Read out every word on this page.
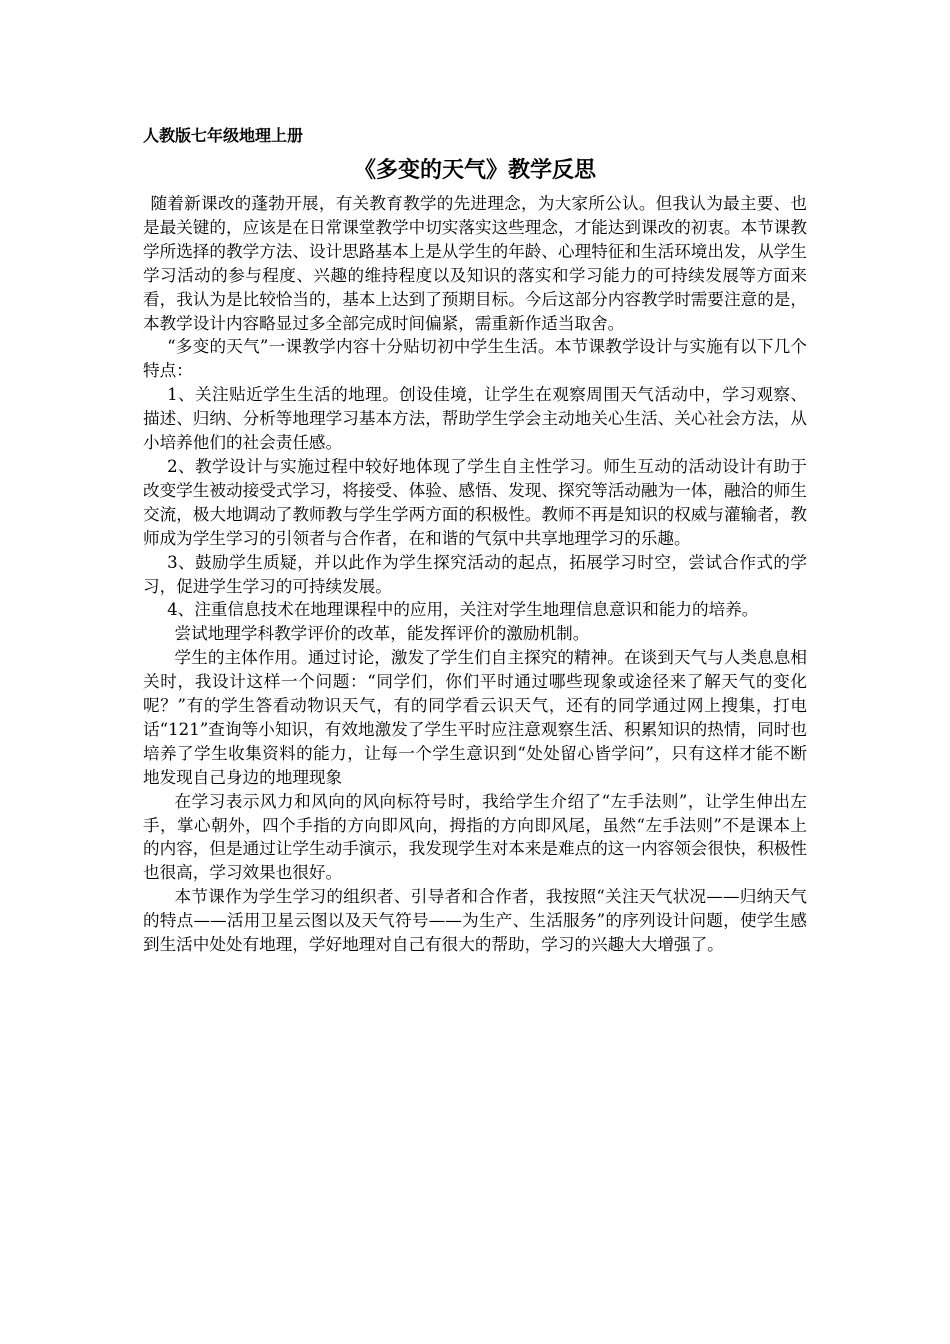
人教版七年级地理上册

《多变的天气》教学反思

随着新课改的蓬勃开展，有关教育教学的先进理念，为大家所公认。但我认为最主要、也是最关键的，应该是在日常课堂教学中切实落实这些理念，才能达到课改的初衷。本节课教学所选择的教学方法、设计思路基本上是从学生的年龄、心理特征和生活环境出发，从学生学习活动的参与程度、兴趣的维持程度以及知识的落实和学习能力的可持续发展等方面来看，我认为是比较恰当的，基本上达到了预期目标。今后这部分内容教学时需要注意的是，本教学设计内容略显过多全部完成时间偏紧，需重新作适当取舍。

“多变的天气”一课教学内容十分贴切初中学生生活。本节课教学设计与实施有以下几个特点：

1、关注贴近学生生活的地理。创设佳境，让学生在观察周围天气活动中，学习观察、描述、归纳、分析等地理学习基本方法，帮助学生学会主动地关心生活、关心社会方法，从小培养他们的社会责任感。

2、教学设计与实施过程中较好地体现了学生自主性学习。师生互动的活动设计有助于改变学生被动接受式学习，将接受、体验、感悟、发现、探究等活动融为一体，融洽的师生交流，极大地调动了教师教与学生学两方面的积极性。教师不再是知识的权威与灌输者，教师成为学生学习的引领者与合作者，在和谐的气氛中共享地理学习的乐趣。

3、鼓励学生质疑，并以此作为学生探究活动的起点，拓展学习时空，尝试合作式的学习，促进学生学习的可持续发展。

4、注重信息技术在地理课程中的应用，关注对学生地理信息意识和能力的培养。

尝试地理学科教学评价的改革，能发挥评价的激励机制。

学生的主体作用。通过讨论，激发了学生们自主探究的精神。在谈到天气与人类息息相关时，我设计这样一个问题：“同学们，你们平时通过哪些现象或途径来了解天气的变化呢？”有的学生答看动物识天气，有的同学看云识天气，还有的同学通过网上搜集，打电话“121”查询等小知识，有效地激发了学生平时应注意观察生活、积累知识的热情，同时也培养了学生收集资料的能力，让每一个学生意识到“处处留心皆学问”，只有这样才能不断地发现自己身边的地理现象

在学习表示风力和风向的风向标符号时，我给学生介绍了“左手法则”，让学生伸出左手，掌心朝外，四个手指的方向即风向，拇指的方向即风尾，虽然“左手法则”不是课本上的内容，但是通过让学生动手演示，我发现学生对本来是难点的这一内容领会很快，积极性也很高，学习效果也很好。

本节课作为学生学习的组织者、引导者和合作者，我按照“关注天气状况——归纳天气的特点——活用卫星云图以及天气符号——为生产、生活服务”的序列设计问题，使学生感到生活中处处有地理，学好地理对自己有很大的帮助，学习的兴趣大大增强了。
